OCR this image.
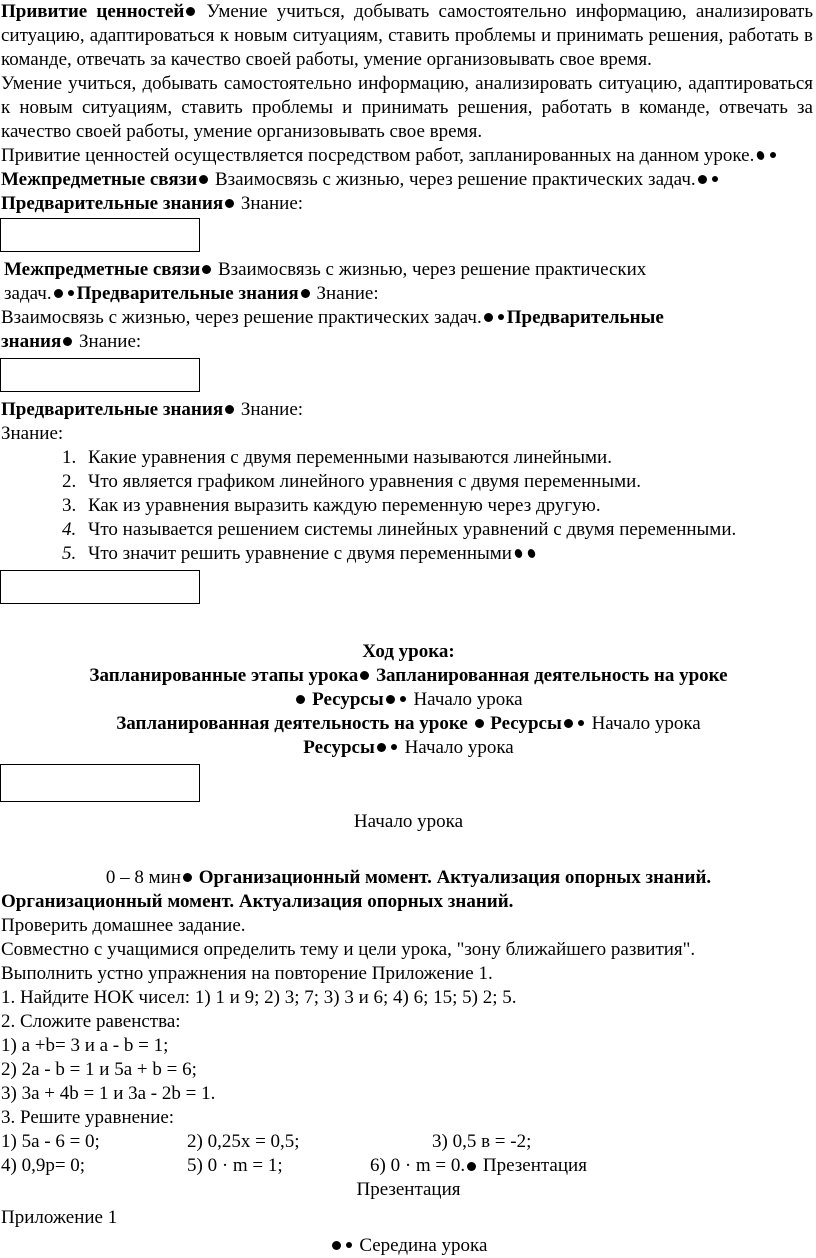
Привитие ценностей Умение учиться, добывать самостоятельно информацию, анализировать ситуацию, адаптироваться к новым ситуациям, ставить проблемы и принимать решения, работать в команде, отвечать за качество своей работы, умение организовывать свое время.

Умение учиться, добывать самостоятельно информацию, анализировать ситуацию, адаптироваться к новым ситуациям, ставить проблемы и принимать решения, работать в команде, отвечать за качество своей работы, умение организовывать свое время.

Привитие ценностей осуществляется посредством работ, запланированных на данном уроке.Межпредметные связи Взаимосвязь с жизнью, через решение практических задач.Предварительные знания Знание:

Межпредметные связи Взаимосвязь с жизнью, через решение практических
задач. Предварительные знания Знание:

Взаимосвязь с жизнью, через решение практических задач. Предварительные
знания Знание:

Предварительные знания Знание:

Знание:

1. Какие уравнения с двумя переменными называются линейными.
2. Что является графиком линейного уравнения с двумя переменными.
3. Как из уравнения выразить каждую переменную через другую.
4. Что называется решением системы линейных уравнений с двумя переменными.
5. Что значит решить уравнение с двумя переменными

Ход урока:

Запланированные этапы урока Запланированная деятельность на уроке
Ресурсы Начало урока

Запланированная деятельность на уроке Ресурсы Начало урока

Ресурсы Начало урока

Начало урока

0 – 8 мин Организационный момент. Актуализация опорных знаний.

Организационный момент. Актуализация опорных знаний.

Проверить домашнее задание.

Совместно с учащимися определить тему и цели урока, "зону ближайшего развития".

Выполнить устно упражнения на повторение Приложение 1.

1. Найдите НОК чисел: 1) 1 и 9; 2) 3; 7; 3) 3 и 6; 4) 6; 15; 5) 2; 5.

2. Сложите равенства:

1) a +b= 3 и a - b = 1;

2) 2a - b = 1 и 5a + b = 6;

3) 3a + 4b = 1 и 3a - 2b = 1.

3. Решите уравнение:

1) 5a - 6 = 0;	2) 0,25x = 0,5;	3) 0,5 в = -2;

4) 0,9p= 0;	5) 0 · m = 1;	6) 0 · m = 0.
Презентация

Презентация

Приложение 1

Середина урока
